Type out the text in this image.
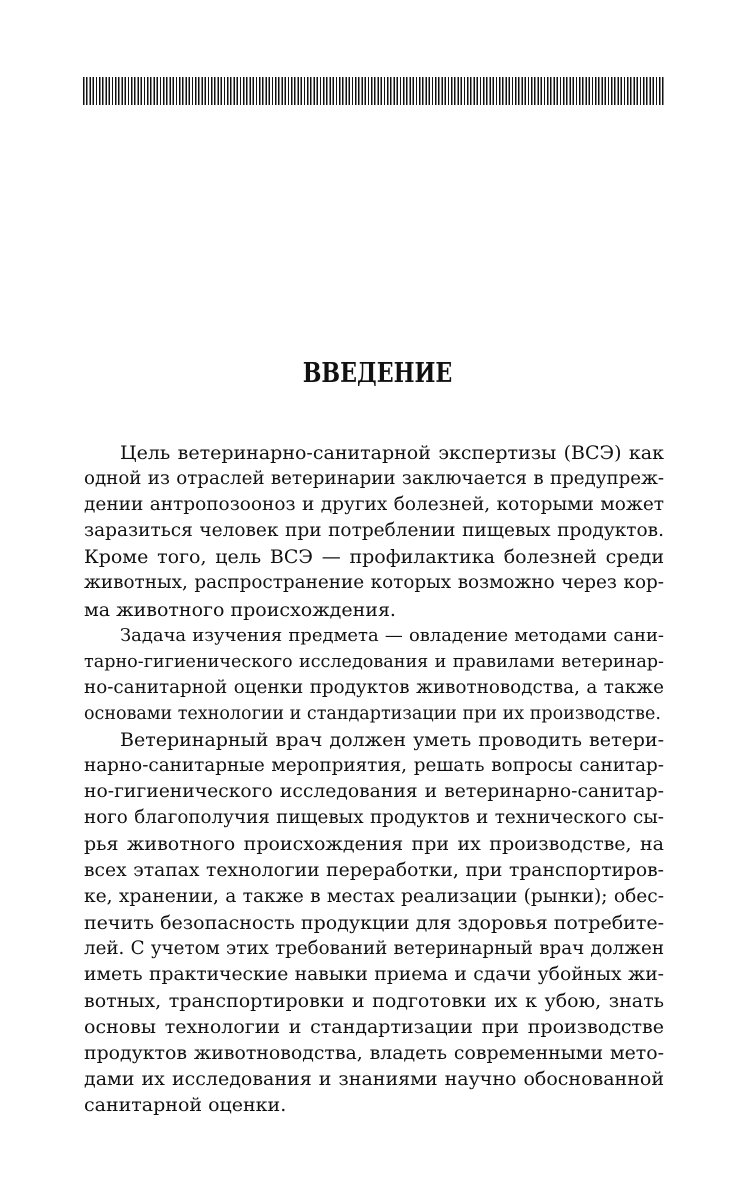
ВВЕДЕНИЕ
Цель ветеринарно-санитарной экспертизы (ВСЭ) как
одной из отраслей ветеринарии заключается в предупреж-
дении антропозооноз и других болезней, которыми может
заразиться человек при потреблении пищевых продуктов.
Кроме того, цель ВСЭ — профилактика болезней среди
животных, распространение которых возможно через кор-
ма животного происхождения.
Задача изучения предмета — овладение методами сани-
тарно-гигиенического исследования и правилами ветеринар-
но-санитарной оценки продуктов животноводства, а также
основами технологии и стандартизации при их производстве.
Ветеринарный врач должен уметь проводить ветери-
нарно-санитарные мероприятия, решать вопросы санитар-
но-гигиенического исследования и ветеринарно-санитар-
ного благополучия пищевых продуктов и технического сы-
рья животного происхождения при их производстве, на
всех этапах технологии переработки, при транспортиров-
ке, хранении, а также в местах реализации (рынки); обес-
печить безопасность продукции для здоровья потребите-
лей. С учетом этих требований ветеринарный врач должен
иметь практические навыки приема и сдачи убойных жи-
вотных, транспортировки и подготовки их к убою, знать
основы технологии и стандартизации при производстве
продуктов животноводства, владеть современными мето-
дами их исследования и знаниями научно обоснованной
санитарной оценки.
